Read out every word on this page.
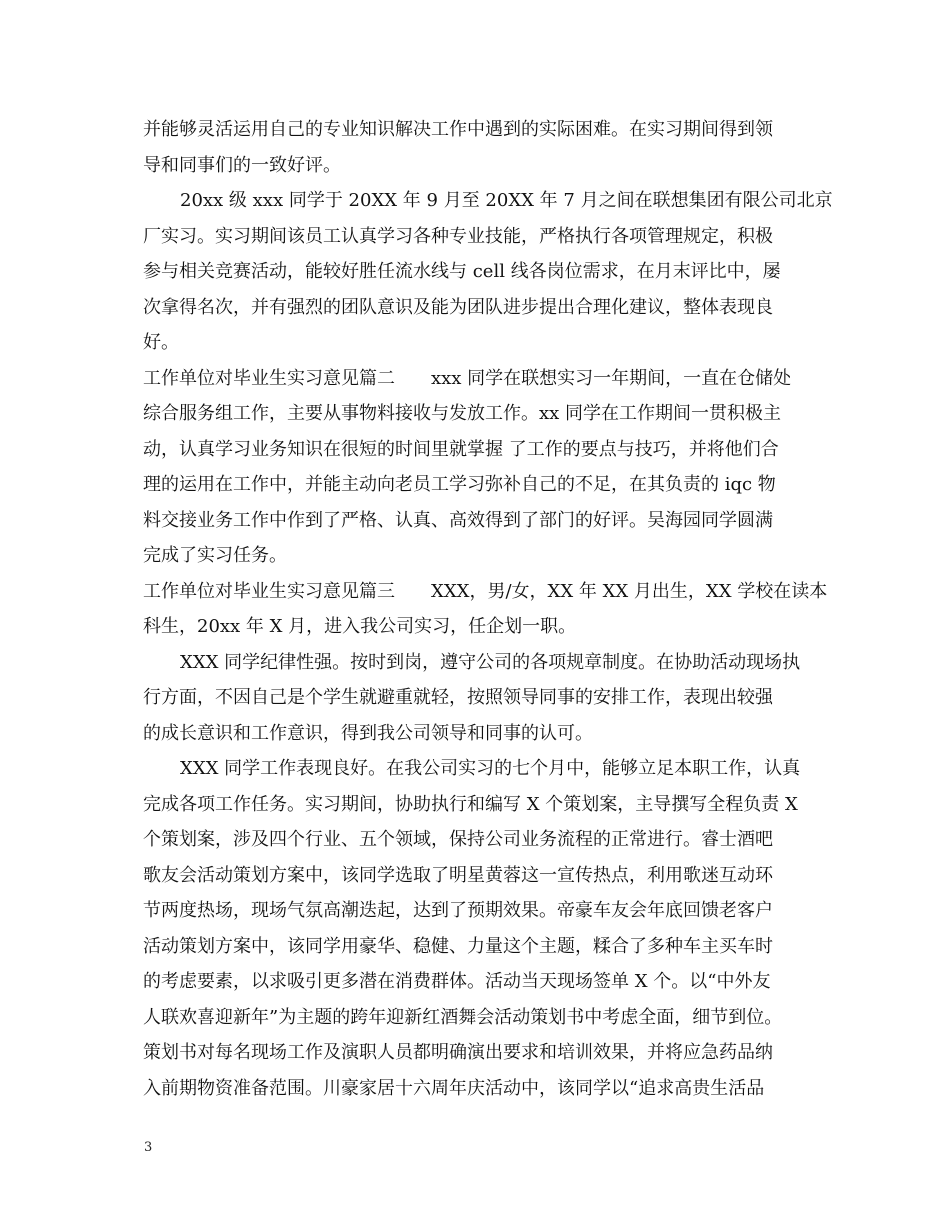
并能够灵活运用自己的专业知识解决工作中遇到的实际困难。在实习期间得到领
导和同事们的一致好评。
20xx 级 xxx 同学于 20XX 年 9 月至 20XX 年 7 月之间在联想集团有限公司北京
厂实习。实习期间该员工认真学习各种专业技能，严格执行各项管理规定，积极
参与相关竞赛活动，能较好胜任流水线与 cell 线各岗位需求，在月末评比中，屡
次拿得名次，并有强烈的团队意识及能为团队进步提出合理化建议，整体表现良
好。
工作单位对毕业生实习意见篇二　　xxx 同学在联想实习一年期间，一直在仓储处
综合服务组工作，主要从事物料接收与发放工作。xx 同学在工作期间一贯积极主
动，认真学习业务知识在很短的时间里就掌握 了工作的要点与技巧，并将他们合
理的运用在工作中，并能主动向老员工学习弥补自己的不足，在其负责的 iqc 物
料交接业务工作中作到了严格、认真、高效得到了部门的好评。吴海园同学圆满
完成了实习任务。
工作单位对毕业生实习意见篇三　　XXX，男/女，XX 年 XX 月出生，XX 学校在读本
科生，20xx 年 X 月，进入我公司实习，任企划一职。
XXX 同学纪律性强。按时到岗，遵守公司的各项规章制度。在协助活动现场执
行方面，不因自己是个学生就避重就轻，按照领导同事的安排工作，表现出较强
的成长意识和工作意识，得到我公司领导和同事的认可。
XXX 同学工作表现良好。在我公司实习的七个月中，能够立足本职工作，认真
完成各项工作任务。实习期间，协助执行和编写 X 个策划案，主导撰写全程负责 X
个策划案，涉及四个行业、五个领域，保持公司业务流程的正常进行。睿士酒吧
歌友会活动策划方案中，该同学选取了明星黄蓉这一宣传热点，利用歌迷互动环
节两度热场，现场气氛高潮迭起，达到了预期效果。帝豪车友会年底回馈老客户
活动策划方案中，该同学用豪华、稳健、力量这个主题，糅合了多种车主买车时
的考虑要素，以求吸引更多潜在消费群体。活动当天现场签单 X 个。以“中外友
人联欢喜迎新年”为主题的跨年迎新红酒舞会活动策划书中考虑全面，细节到位。
策划书对每名现场工作及演职人员都明确演出要求和培训效果，并将应急药品纳
入前期物资准备范围。川豪家居十六周年庆活动中，该同学以“追求高贵生活品
3
